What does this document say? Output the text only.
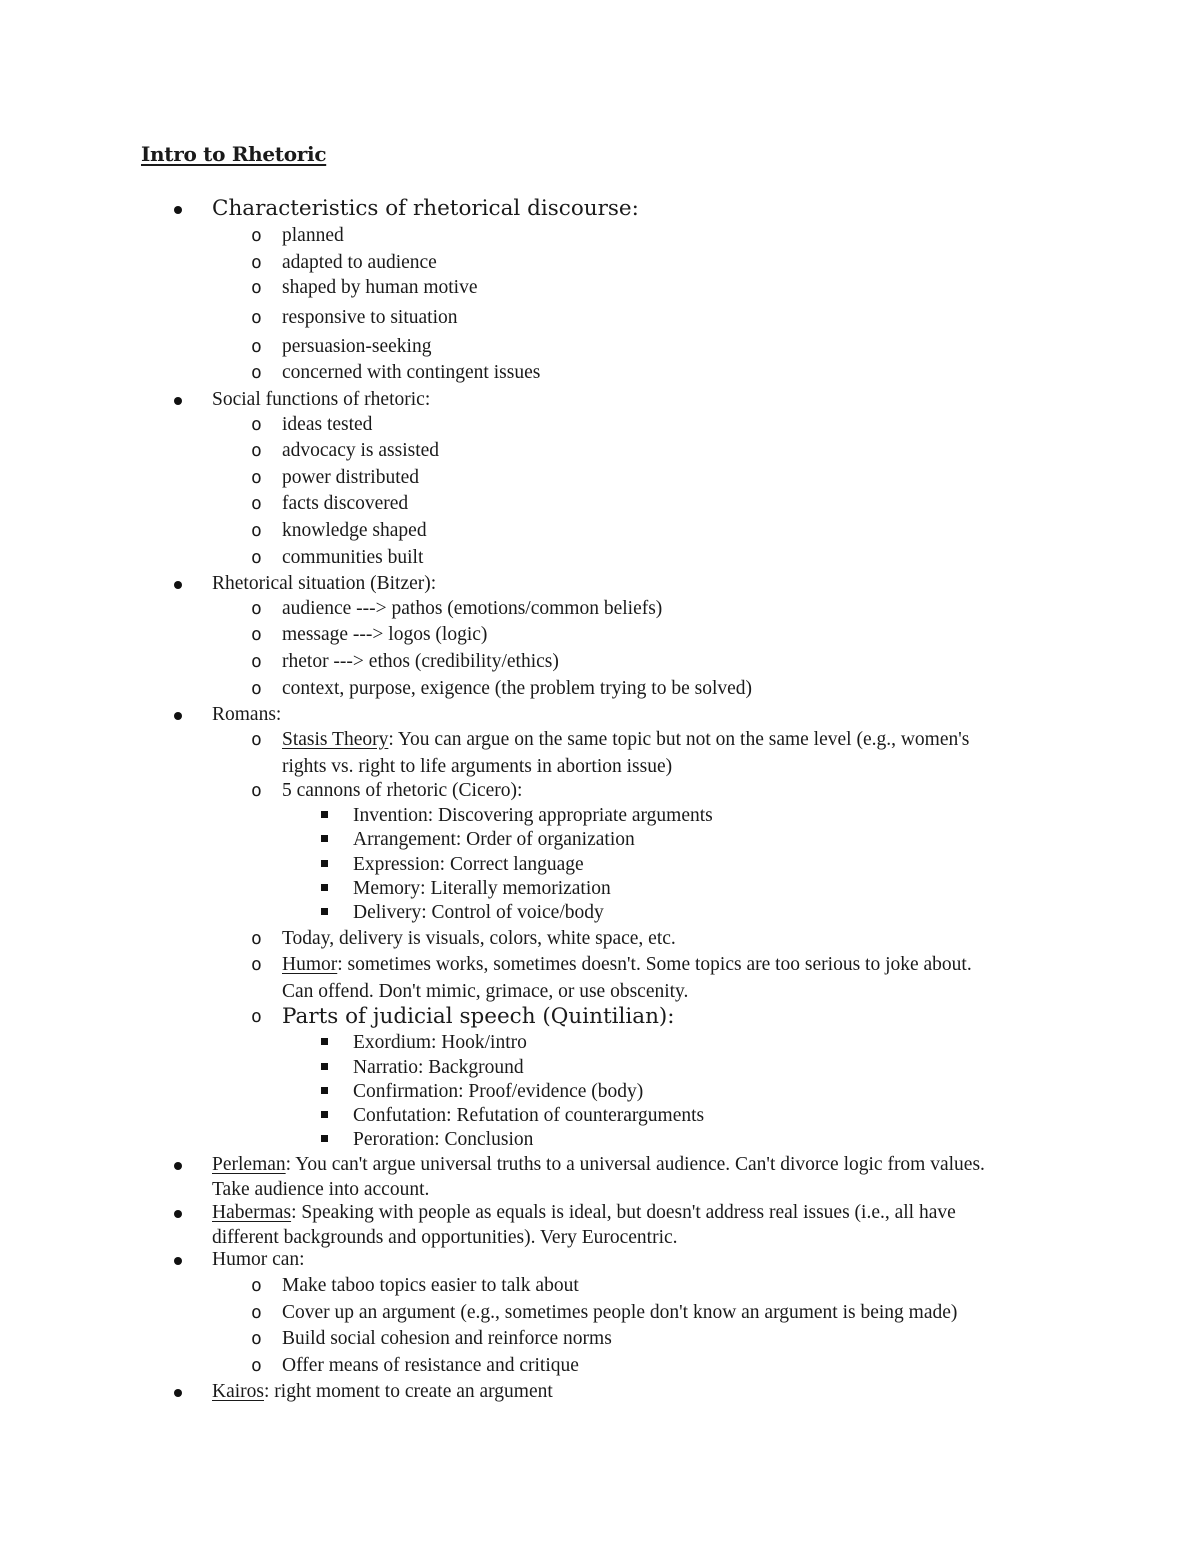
Intro to Rhetoric
Characteristics of rhetorical discourse:
o planned
o adapted to audience
o shaped by human motive
o responsive to situation
o persuasion-seeking
o concerned with contingent issues
Social functions of rhetoric:
o ideas tested
o advocacy is assisted
o power distributed
o facts discovered
o knowledge shaped
o communities built
Rhetorical situation (Bitzer):
o audience ---> pathos (emotions/common beliefs)
o message ---> logos (logic)
o rhetor ---> ethos (credibility/ethics)
o context, purpose, exigence (the problem trying to be solved)
Romans:
o Stasis Theory: You can argue on the same topic but not on the same level (e.g., women's
rights vs. right to life arguments in abortion issue)
o 5 cannons of rhetoric (Cicero):
Invention: Discovering appropriate arguments
Arrangement: Order of organization
Expression: Correct language
Memory: Literally memorization
Delivery: Control of voice/body
o Today, delivery is visuals, colors, white space, etc.
o Humor: sometimes works, sometimes doesn't. Some topics are too serious to joke about.
Can offend. Don't mimic, grimace, or use obscenity.
o Parts of judicial speech (Quintilian):
Exordium: Hook/intro
Narratio: Background
Confirmation: Proof/evidence (body)
Confutation: Refutation of counterarguments
Peroration: Conclusion
Perleman: You can't argue universal truths to a universal audience. Can't divorce logic from values.
Take audience into account.
Habermas: Speaking with people as equals is ideal, but doesn't address real issues (i.e., all have
different backgrounds and opportunities). Very Eurocentric.
Humor can:
o Make taboo topics easier to talk about
o Cover up an argument (e.g., sometimes people don't know an argument is being made)
o Build social cohesion and reinforce norms
o Offer means of resistance and critique
Kairos: right moment to create an argument
